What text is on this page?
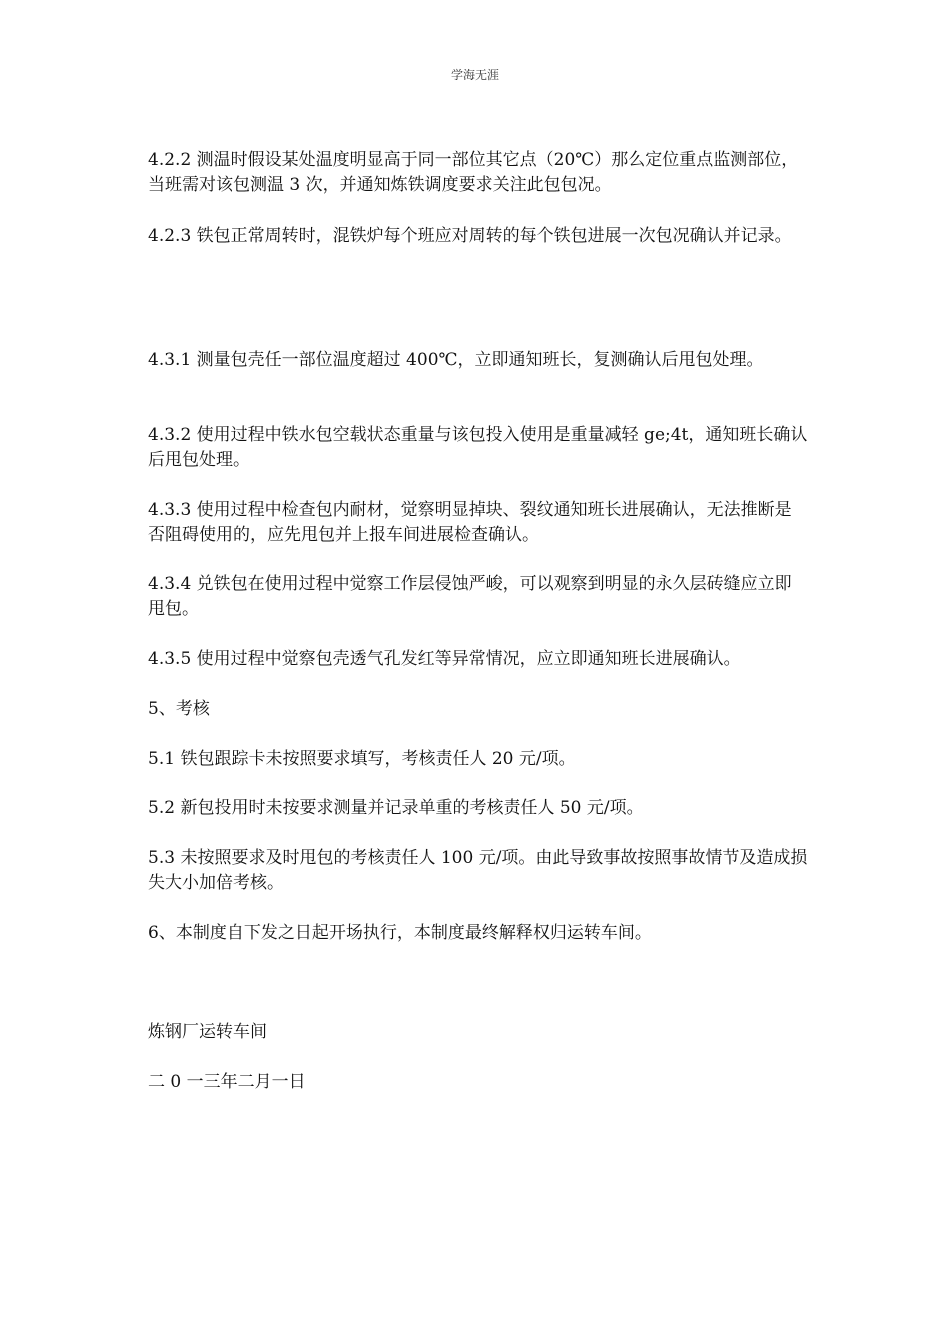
学海无涯

4.2.2 测温时假设某处温度明显高于同一部位其它点（20℃）那么定位重点监测部位，当班需对该包测温 3 次，并通知炼铁调度要求关注此包包况。

4.2.3 铁包正常周转时，混铁炉每个班应对周转的每个铁包进展一次包况确认并记录。

4.3.1 测量包壳任一部位温度超过 400℃，立即通知班长，复测确认后甩包处理。

4.3.2 使用过程中铁水包空载状态重量与该包投入使用是重量减轻 ge;4t，通知班长确认后甩包处理。

4.3.3 使用过程中检查包内耐材，觉察明显掉块、裂纹通知班长进展确认，无法推断是否阻碍使用的，应先甩包并上报车间进展检查确认。

4.3.4 兑铁包在使用过程中觉察工作层侵蚀严峻，可以观察到明显的永久层砖缝应立即甩包。

4.3.5 使用过程中觉察包壳透气孔发红等异常情况，应立即通知班长进展确认。

5、考核

5.1 铁包跟踪卡未按照要求填写，考核责任人 20 元/项。

5.2 新包投用时未按要求测量并记录单重的考核责任人 50 元/项。

5.3 未按照要求及时甩包的考核责任人 100 元/项。由此导致事故按照事故情节及造成损失大小加倍考核。

6、本制度自下发之日起开场执行，本制度最终解释权归运转车间。

炼钢厂运转车间

二 0 一三年二月一日
